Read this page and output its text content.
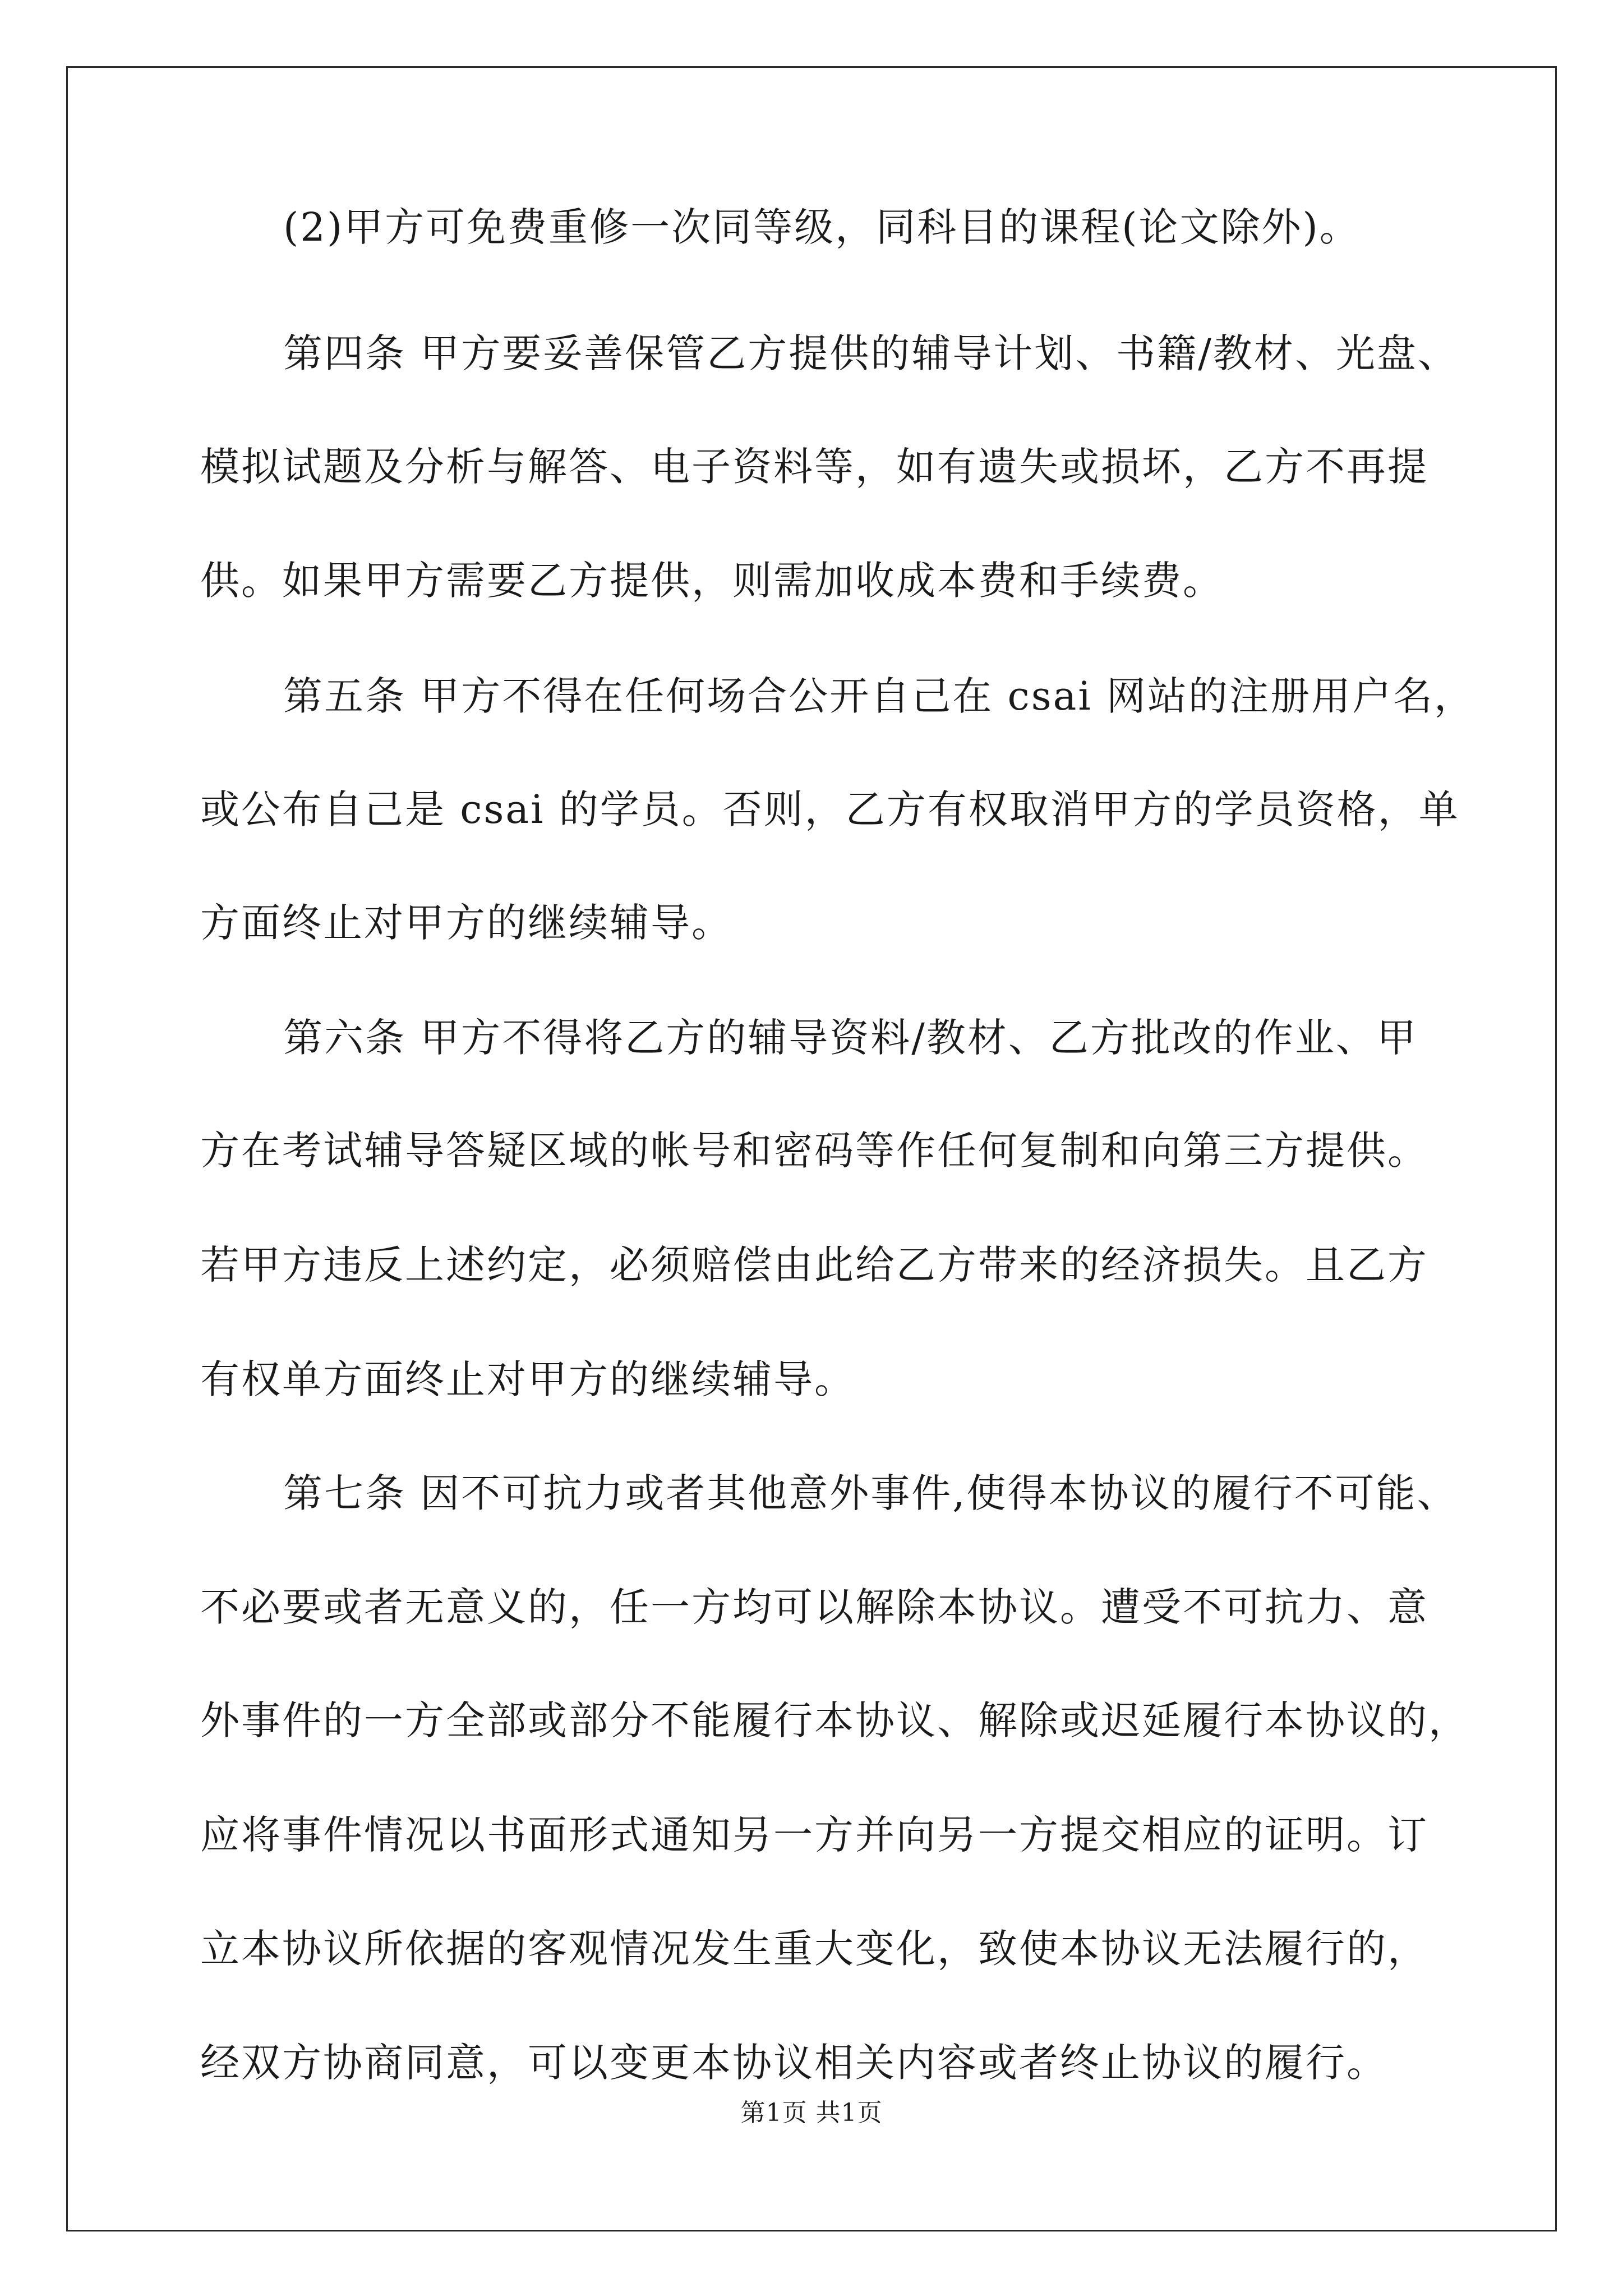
(2)甲方可免费重修一次同等级，同科目的课程(论文除外)。
第四条 甲方要妥善保管乙方提供的辅导计划、书籍/教材、光盘、
模拟试题及分析与解答、电子资料等，如有遗失或损坏，乙方不再提
供。如果甲方需要乙方提供，则需加收成本费和手续费。
第五条 甲方不得在任何场合公开自己在 csai 网站的注册用户名，
或公布自己是 csai 的学员。否则，乙方有权取消甲方的学员资格，单
方面终止对甲方的继续辅导。
第六条 甲方不得将乙方的辅导资料/教材、乙方批改的作业、甲
方在考试辅导答疑区域的帐号和密码等作任何复制和向第三方提供。
若甲方违反上述约定，必须赔偿由此给乙方带来的经济损失。且乙方
有权单方面终止对甲方的继续辅导。
第七条 因不可抗力或者其他意外事件,使得本协议的履行不可能、
不必要或者无意义的，任一方均可以解除本协议。遭受不可抗力、意
外事件的一方全部或部分不能履行本协议、解除或迟延履行本协议的，
应将事件情况以书面形式通知另一方并向另一方提交相应的证明。订
立本协议所依据的客观情况发生重大变化，致使本协议无法履行的，
经双方协商同意，可以变更本协议相关内容或者终止协议的履行。
第1页 共1页
